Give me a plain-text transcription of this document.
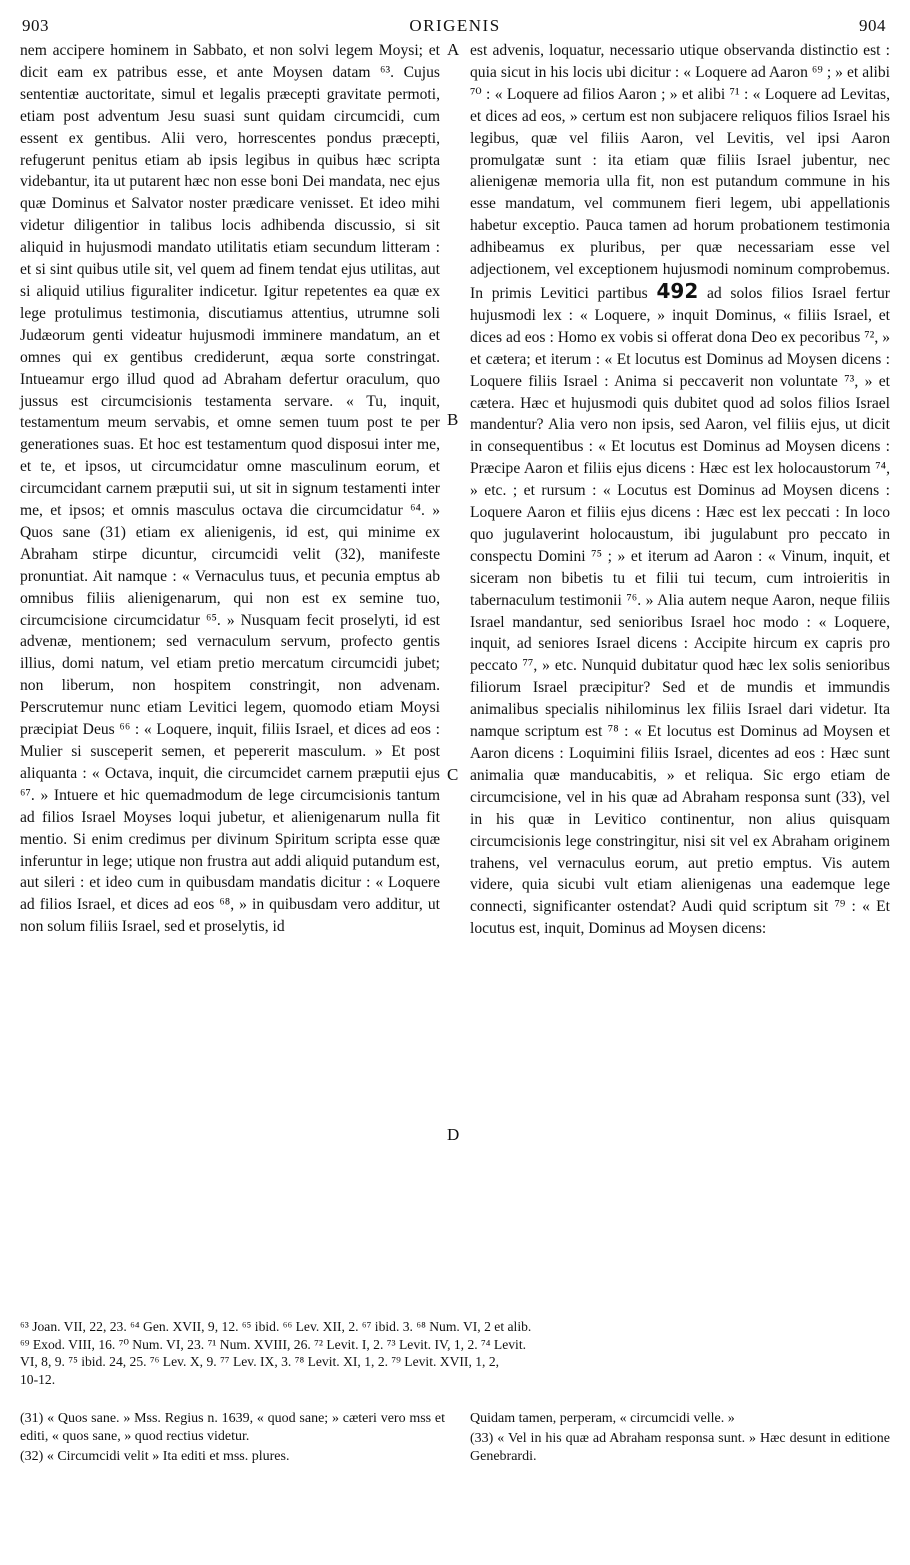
903	ORIGENIS	904

nem accipere hominem in Sabbato, et non solvi legem Moysi; et dicit eam ex patribus esse, et ante Moysen datam ⁶³. Cujus sententiæ auctoritate, simul et legalis præcepti gravitate permoti, etiam post adventum Jesu suasi sunt quidam circumcidi, cum essent ex gentibus. Alii vero, horrescentes pondus præcepti, refugerunt penitus etiam ab ipsis legibus in quibus hæc scripta videbantur, ita ut putarent hæc non esse boni Dei mandata, nec ejus quæ Dominus et Salvator noster prædicare venisset. Et ideo mihi videtur diligentior in talibus locis adhibenda discussio, si sit aliquid in hujusmodi mandato utilitatis etiam secundum litteram : et si sint quibus utile sit, vel quem ad finem tendat ejus utilitas, aut si aliquid utilius figuraliter indicetur. Igitur repetentes ea quæ ex lege protulimus testimonia, discutiamus attentius, utrumne soli Judæorum genti videatur hujusmodi imminere mandatum, an et omnes qui ex gentibus crediderunt, æqua sorte constringat. Intueamur ergo illud quod ad Abraham defertur oraculum, quo jussus est circumcisionis testamenta servare. « Tu, inquit, testamentum meum servabis, et omne semen tuum post te per generationes suas. Et hoc est testamentum quod disposui inter me, et te, et ipsos, ut circumcidatur omne masculinum eorum, et circumcidant carnem præputii sui, ut sit in signum testamenti inter me, et ipsos; et omnis masculus octava die circumcidatur ⁶⁴. » Quos sane (31) etiam ex alienigenis, id est, qui minime ex Abraham stirpe dicuntur, circumcidi velit (32), manifeste pronuntiat. Ait namque : « Vernaculus tuus, et pecunia emptus ab omnibus filiis alienigenarum, qui non est ex semine tuo, circumcisione circumcidatur ⁶⁵. » Nusquam fecit proselyti, id est advenæ, mentionem; sed vernaculum servum, profecto gentis illius, domi natum, vel etiam pretio mercatum circumcidi jubet; non liberum, non hospitem constringit, non advenam. Perscrutemur nunc etiam Levitici legem, quomodo etiam Moysi præcipiat Deus ⁶⁶ : « Loquere, inquit, filiis Israel, et dices ad eos : Mulier si susceperit semen, et pepererit masculum. » Et post aliquanta : « Octava, inquit, die circumcidet carnem præputii ejus ⁶⁷. » Intuere et hic quemadmodum de lege circumcisionis tantum ad filios Israel Moyses loqui jubetur, et alienigenarum nulla fit mentio. Si enim credimus per divinum Spiritum scripta esse quæ inferuntur in lege; utique non frustra aut addi aliquid putandum est, aut sileri : et ideo cum in quibusdam mandatis dicitur : « Loquere ad filios Israel, et dices ad eos ⁶⁸, » in quibusdam vero additur, ut non solum filiis Israel, sed et proselytis, id

A
B
C
D

est advenis, loquatur, necessario utique observanda distinctio est : quia sicut in his locis ubi dicitur : « Loquere ad Aaron ⁶⁹ ; » et alibi ⁷⁰ : « Loquere ad filios Aaron ; » et alibi ⁷¹ : « Loquere ad Levitas, et dices ad eos, » certum est non subjacere reliquos filios Israel his legibus, quæ vel filiis Aaron, vel Levitis, vel ipsi Aaron promulgatæ sunt : ita etiam quæ filiis Israel jubentur, nec alienigenæ memoria ulla fit, non est putandum commune in his esse mandatum, vel communem fieri legem, ubi appellationis habetur exceptio. Pauca tamen ad horum probationem testimonia adhibeamus ex pluribus, per quæ necessariam esse vel adjectionem, vel exceptionem hujusmodi nominum comprobemus. In primis Levitici partibus 492 ad solos filios Israel fertur hujusmodi lex : « Loquere, » inquit Dominus, « filiis Israel, et dices ad eos : Homo ex vobis si offerat dona Deo ex pecoribus ⁷², » et cætera; et iterum : « Et locutus est Dominus ad Moysen dicens : Loquere filiis Israel : Anima si peccaverit non voluntate ⁷³, » et cætera. Hæc et hujusmodi quis dubitet quod ad solos filios Israel mandentur? Alia vero non ipsis, sed Aaron, vel filiis ejus, ut dicit in consequentibus : « Et locutus est Dominus ad Moysen dicens : Præcipe Aaron et filiis ejus dicens : Hæc est lex holocaustorum ⁷⁴, » etc. ; et rursum : « Locutus est Dominus ad Moysen dicens : Loquere Aaron et filiis ejus dicens : Hæc est lex peccati : In loco quo jugulaverint holocaustum, ibi jugulabunt pro peccato in conspectu Domini ⁷⁵ ; » et iterum ad Aaron : « Vinum, inquit, et siceram non bibetis tu et filii tui tecum, cum introieritis in tabernaculum testimonii ⁷⁶. » Alia autem neque Aaron, neque filiis Israel mandantur, sed senioribus Israel hoc modo : « Loquere, inquit, ad seniores Israel dicens : Accipite hircum ex capris pro peccato ⁷⁷, » etc. Nunquid dubitatur quod hæc lex solis senioribus filiorum Israel præcipitur? Sed et de mundis et immundis animalibus specialis nihilominus lex filiis Israel dari videtur. Ita namque scriptum est ⁷⁸ : « Et locutus est Dominus ad Moysen et Aaron dicens : Loquimini filiis Israel, dicentes ad eos : Hæc sunt animalia quæ manducabitis, » et reliqua. Sic ergo etiam de circumcisione, vel in his quæ ad Abraham responsa sunt (33), vel in his quæ in Levitico continentur, non alius quisquam circumcisionis lege constringitur, nisi sit vel ex Abraham originem trahens, vel vernaculus eorum, aut pretio emptus. Vis autem videre, quia sicubi vult etiam alienigenas una eademque lege connecti, significanter ostendat? Audi quid scriptum sit ⁷⁹ : « Et locutus est, inquit, Dominus ad Moysen dicens:

⁶³ Joan. VII, 22, 23. ⁶⁴ Gen. XVII, 9, 12. ⁶⁵ ibid. ⁶⁶ Lev. XII, 2. ⁶⁷ ibid. 3. ⁶⁸ Num. VI, 2 et alib.
⁶⁹ Exod. VIII, 16. ⁷⁰ Num. VI, 23. ⁷¹ Num. XVIII, 26. ⁷² Levit. I, 2. ⁷³ Levit. IV, 1, 2. ⁷⁴ Levit.
VI, 8, 9. ⁷⁵ ibid. 24, 25. ⁷⁶ Lev. X, 9. ⁷⁷ Lev. IX, 3. ⁷⁸ Levit. XI, 1, 2. ⁷⁹ Levit. XVII, 1, 2,
10-12.

(31) « Quos sane. » Mss. Regius n. 1639, « quod sane; » cæteri vero mss et editi, « quos sane, » quod rectius videtur.

(32) « Circumcidi velit » Ita editi et mss. plures.

Quidam tamen, perperam, « circumcidi velle. »

(33) « Vel in his quæ ad Abraham responsa sunt. » Hæc desunt in editione Genebrardi.
